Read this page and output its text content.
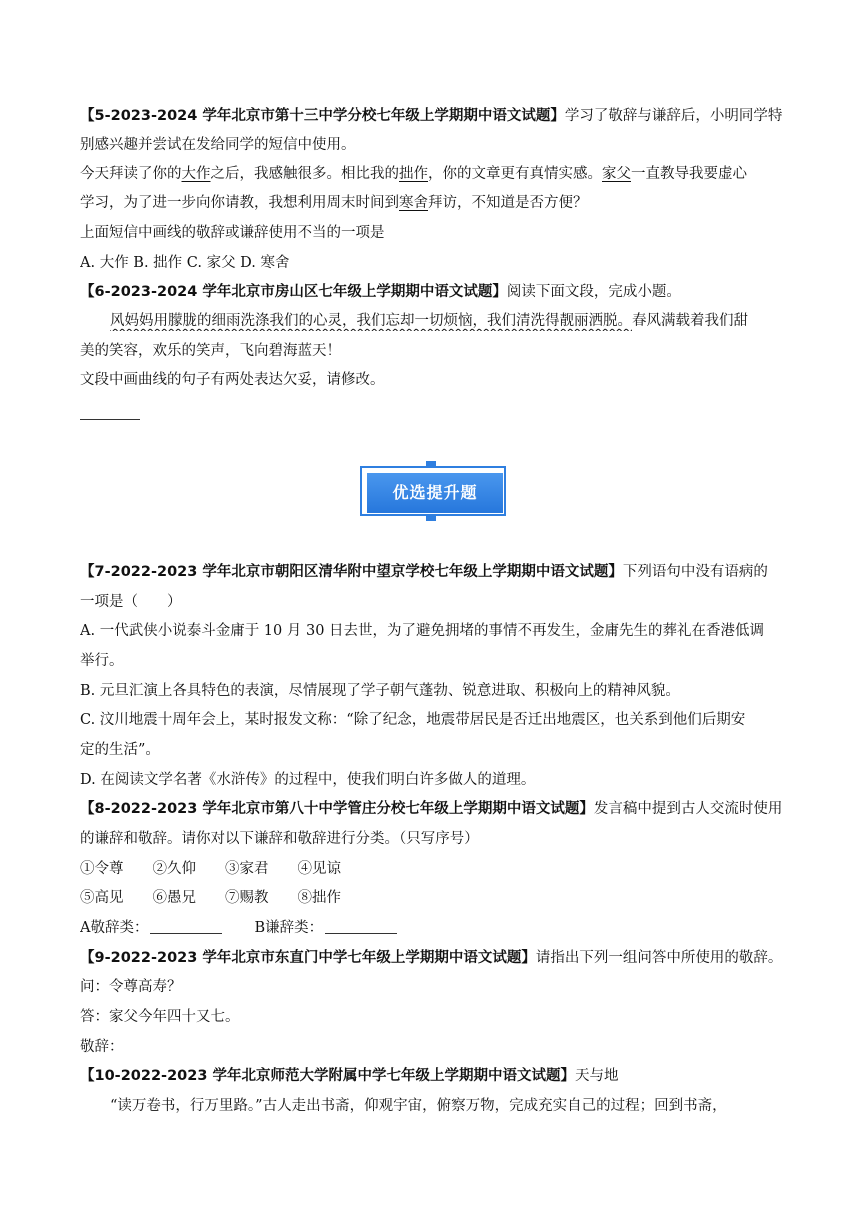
【5-2023-2024 学年北京市第十三中学分校七年级上学期期中语文试题】学习了敬辞与谦辞后，小明同学特
别感兴趣并尝试在发给同学的短信中使用。
今天拜读了你的大作之后，我感触很多。相比我的拙作，你的文章更有真情实感。家父一直教导我要虚心
学习，为了进一步向你请教，我想利用周末时间到寒舍拜访，不知道是否方便？
上面短信中画线的敬辞或谦辞使用不当的一项是
A. 大作 B. 拙作 C. 家父 D. 寒舍
【6-2023-2024 学年北京市房山区七年级上学期期中语文试题】阅读下面文段，完成小题。
风妈妈用朦胧的细雨洗涤我们的心灵，我们忘却一切烦恼，我们清洗得靓丽洒脱。春风满载着我们甜
美的笑容，欢乐的笑声，飞向碧海蓝天！
文段中画曲线的句子有两处表达欠妥，请修改。
优选提升题
【7-2022-2023 学年北京市朝阳区清华附中望京学校七年级上学期期中语文试题】下列语句中没有语病的
一项是（　　）
A. 一代武侠小说泰斗金庸于 10 月 30 日去世，为了避免拥堵的事情不再发生，金庸先生的葬礼在香港低调
举行。
B. 元旦汇演上各具特色的表演，尽情展现了学子朝气蓬勃、锐意进取、积极向上的精神风貌。
C. 汶川地震十周年会上，某时报发文称：“除了纪念，地震带居民是否迁出地震区，也关系到他们后期安
定的生活”。
D. 在阅读文学名著《水浒传》的过程中，使我们明白许多做人的道理。
【8-2022-2023 学年北京市第八十中学管庄分校七年级上学期期中语文试题】发言稿中提到古人交流时使用
的谦辞和敬辞。请你对以下谦辞和敬辞进行分类。（只写序号）
①令尊　　②久仰　　③家君　　④见谅
⑤高见　　⑥愚兄　　⑦赐教　　⑧拙作
A敬辞类：	B谦辞类：
【9-2022-2023 学年北京市东直门中学七年级上学期期中语文试题】请指出下列一组问答中所使用的敬辞。
问：令尊高寿？
答：家父今年四十又七。
敬辞：
【10-2022-2023 学年北京师范大学附属中学七年级上学期期中语文试题】天与地
“读万卷书，行万里路。”古人走出书斋，仰观宇宙，俯察万物，完成充实自己的过程；回到书斋，
